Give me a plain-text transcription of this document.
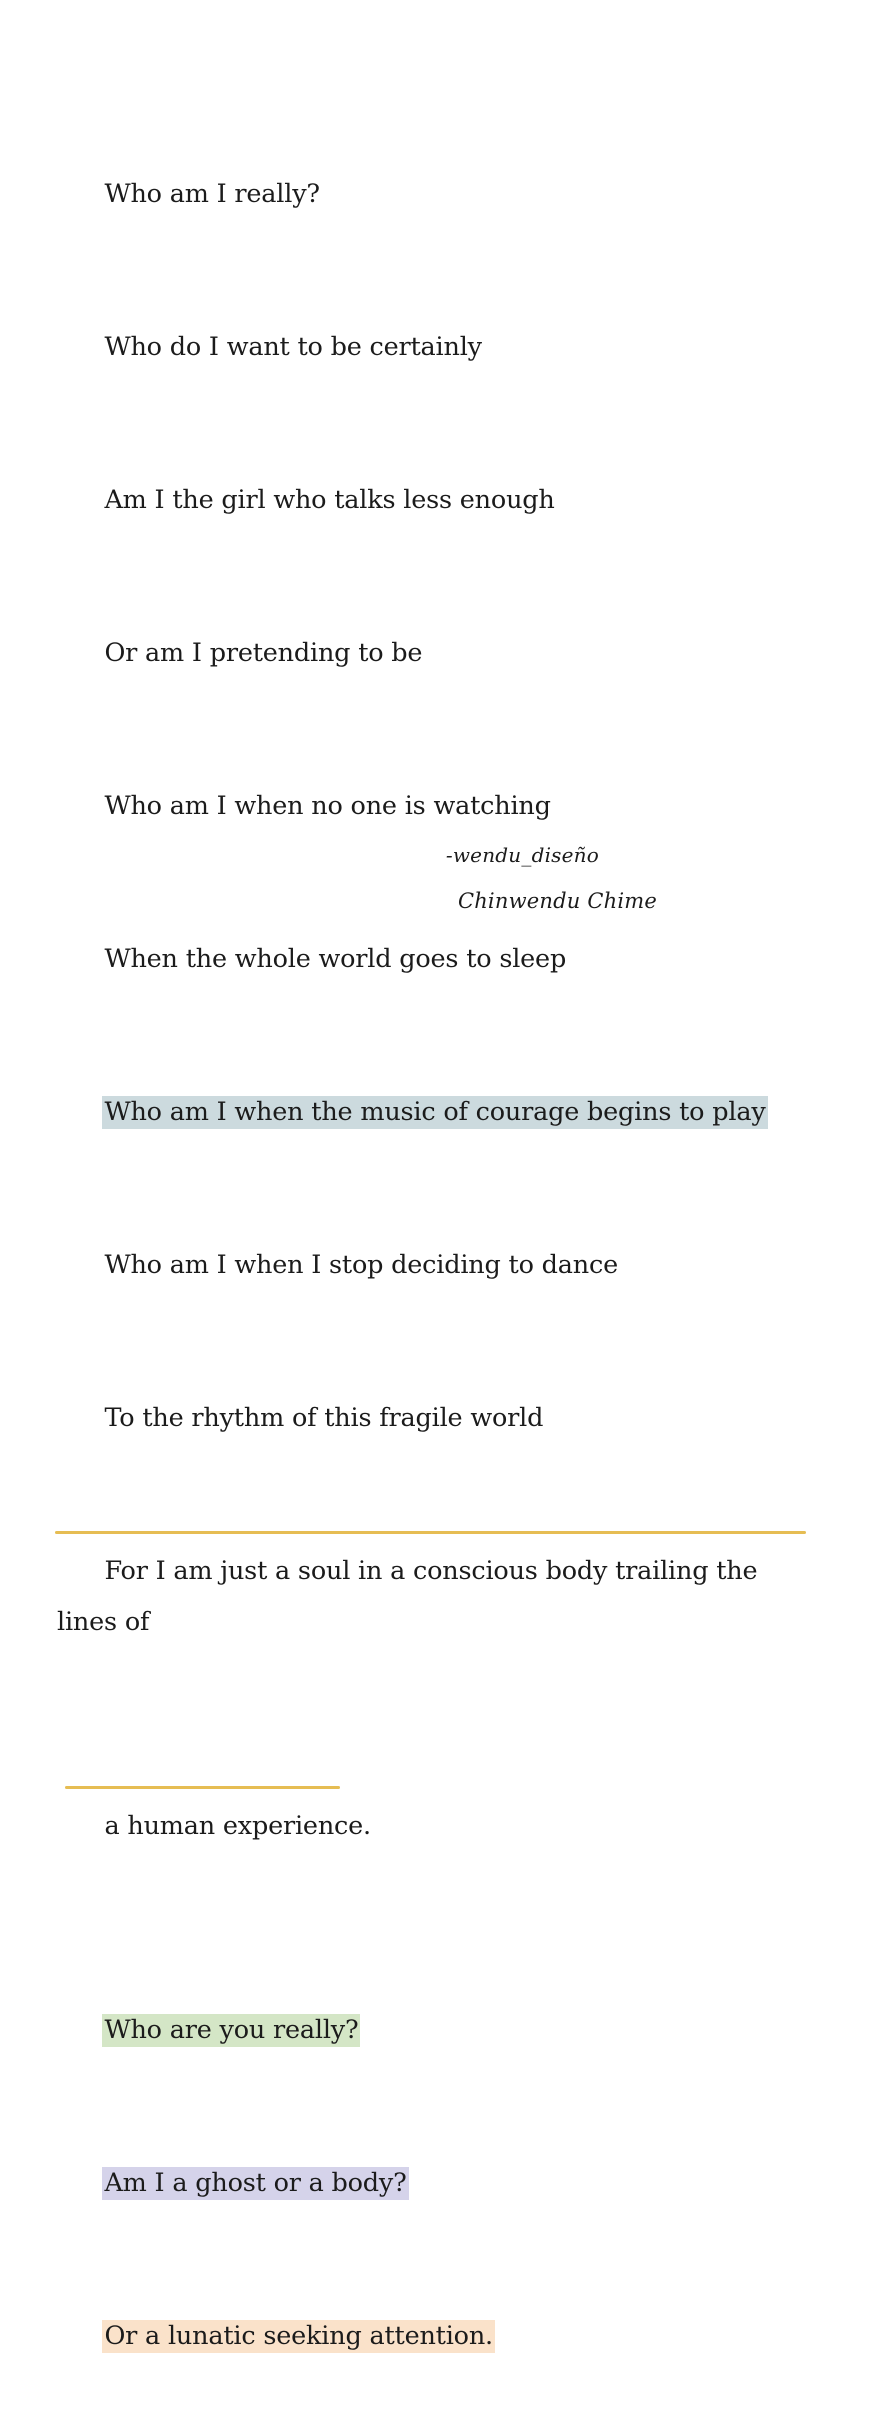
Who am I really?

Who do I want to be certainly

Am I the girl who talks less enough

Or am I pretending to be

Who am I when no one is watching

When the whole world goes to sleep

Who am I when the music of courage begins to play

Who am I when I stop deciding to dance

To the rhythm of this fragile world

For I am just a soul in a conscious body trailing the lines of

a human experience.

Who are you really?

Am I a ghost or a body?

Or a lunatic seeking attention.

-wendu_diseño
Chinwendu Chime
